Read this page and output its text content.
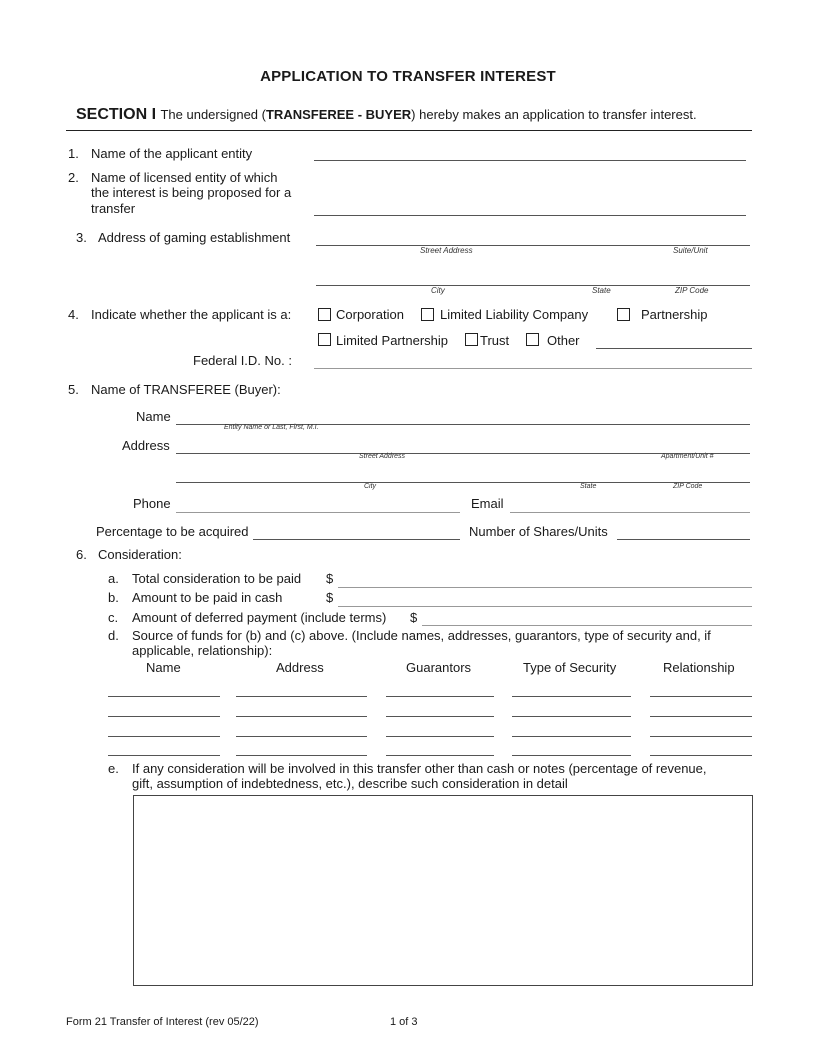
APPLICATION TO TRANSFER INTEREST
SECTION I The undersigned (TRANSFEREE - BUYER) hereby makes an application to transfer interest.
1. Name of the applicant entity
2. Name of licensed entity of which
the interest is being proposed for a
transfer
3. Address of gaming establishment
Street Address	Suite/Unit
City	State	ZIP Code
4. Indicate whether the applicant is a:	Corporation	Limited Liability Company	Partnership
Limited Partnership Trust	Other
Federal I.D. No. :
5. Name of TRANSFEREE (Buyer):
Name
Entity Name or Last, First, M.I.
Address
Street Address	Apartment/Unit #
City	State	ZIP Code
Phone	Email
Percentage to be acquired	Number of Shares/Units
6. Consideration:
a. Total consideration to be paid $
b. Amount to be paid in cash	$
c. Amount of deferred payment (include terms) $
d. Source of funds for (b) and (c) above. (Include names, addresses, guarantors, type of security and, if
applicable, relationship):
Name	Address	Guarantors	Type of Security	Relationship
e. If any consideration will be involved in this transfer other than cash or notes (percentage of revenue,
gift, assumption of indebtedness, etc.), describe such consideration in detail
Form 21 Transfer of Interest (rev 05/22)	1 of 3
